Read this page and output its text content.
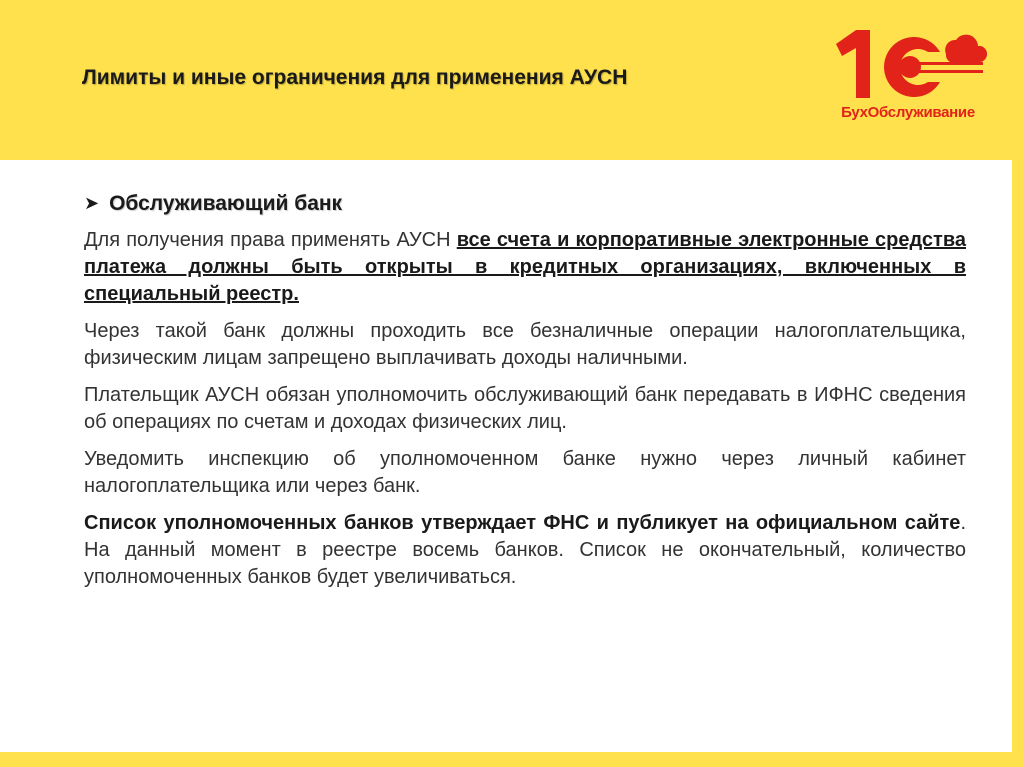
Лимиты и иные ограничения для применения АУСН
БухОбслуживание
➤ Обслуживающий банк

Для получения права применять АУСН все счета и корпоративные электронные средства платежа должны быть открыты в кредитных организациях, включенных в специальный реестр.

Через такой банк должны проходить все безналичные операции налогоплательщика, физическим лицам запрещено выплачивать доходы наличными.

Плательщик АУСН обязан уполномочить обслуживающий банк передавать в ИФНС сведения об операциях по счетам и доходах физических лиц.

Уведомить инспекцию об уполномоченном банке нужно через личный кабинет налогоплательщика или через банк.

Список уполномоченных банков утверждает ФНС и публикует на официальном сайте. На данный момент в реестре восемь банков. Список не окончательный, количество уполномоченных банков будет увеличиваться.
